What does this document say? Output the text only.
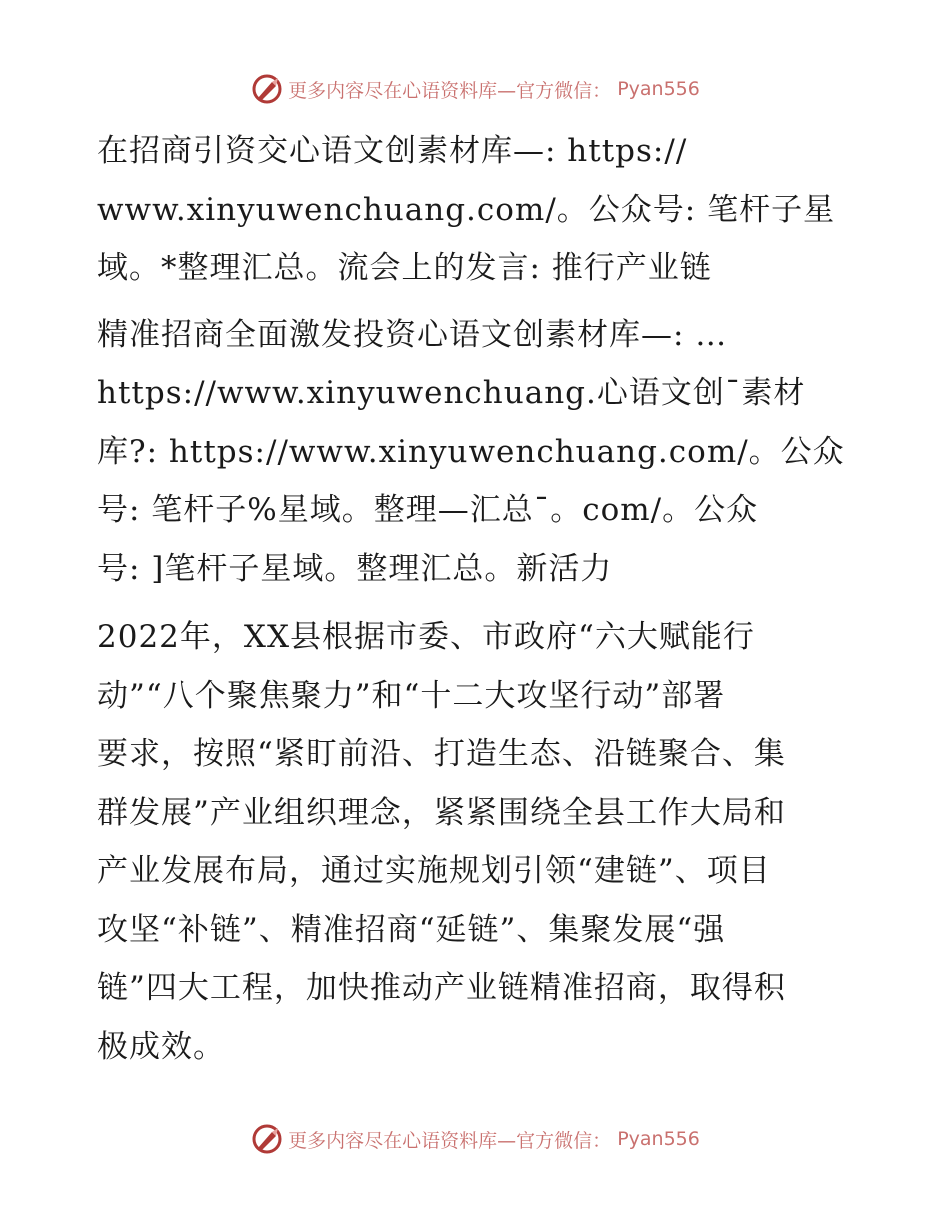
更多内容尽在心语资料库 —官方微信： Pyan556

在招商引资交心语文创素材库—: https://
www.xinyuwenchuang.com/。公众号: 笔杆子星
域。*整理汇总。流会上的发言: 推行产业链

精准招商全面激发投资心语文创素材库—: …
https://www.xinyuwenchuang.心语文创¯素材
库?: https://www.xinyuwenchuang.com/。公众
号: 笔杆子%星域。整理—汇总¯。com/。公众
号: ]笔杆子星域。整理汇总。新活力

2022年，XX县根据市委、市政府“六大赋能行
动”“八个聚焦聚力”和“十二大攻坚行动”部署
要求，按照“紧盯前沿、打造生态、沿链聚合、集
群发展”产业组织理念，紧紧围绕全县工作大局和
产业发展布局，通过实施规划引领“建链”、项目
攻坚“补链”、精准招商“延链”、集聚发展“强
链”四大工程，加快推动产业链精准招商，取得积
极成效。

更多内容尽在心语资料库 —官方微信： Pyan556
